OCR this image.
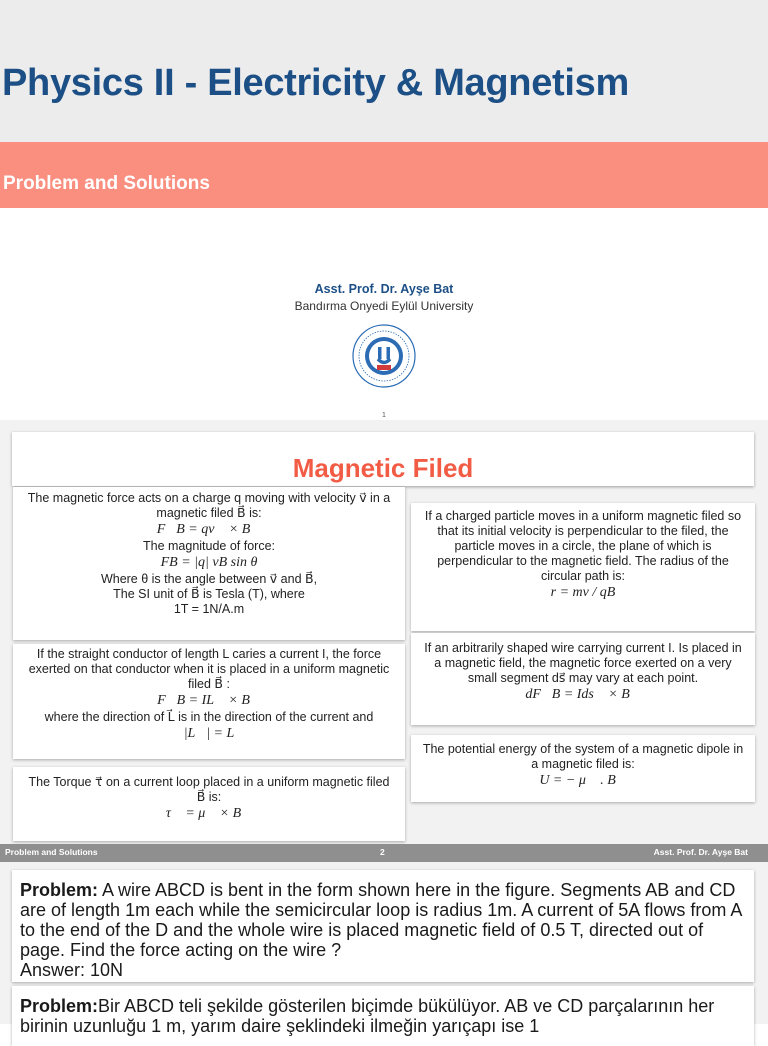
Physics II - Electricity & Magnetism
Problem and Solutions
Asst. Prof. Dr. Ayşe Bat
Bandırma Onyedi Eylül University
1
Magnetic Filed
The magnetic force acts on a charge q moving with velocity v⃗ in a
magnetic filed B⃗ is:
F⃗B = qv⃗ × B⃗
The magnitude of force:
FB = |q| vB sin θ
Where θ is the angle between v⃗ and B⃗,
The SI unit of B⃗ is Tesla (T), where
1T = 1N/A.m
If the straight conductor of length L caries a current I, the force
exerted on that conductor when it is placed in a uniform magnetic
filed B⃗ :
F⃗B = IL⃗ × B⃗
where the direction of L⃗ is in the direction of the current and
|L⃗| = L
The Torque τ⃗ on a current loop placed in a uniform magnetic filed
B⃗ is:
τ⃗ = μ⃗ × B⃗
If a charged particle moves in a uniform magnetic filed so
that its initial velocity is perpendicular to the filed, the
particle moves in a circle, the plane of which is
perpendicular to the magnetic field. The radius of the
circular path is:
r = mv / qB
If an arbitrarily shaped wire carrying current I. Is placed in
a magnetic field, the magnetic force exerted on a very
small segment ds⃗ may vary at each point.
dF⃗B = Ids⃗ × B⃗
The potential energy of the system of a magnetic dipole in
a magnetic filed is:
U = − μ⃗ . B⃗
Problem and Solutions	2	Asst. Prof. Dr. Ayşe Bat
Problem: A wire ABCD is bent in the form shown here in the figure. Segments AB and CD are of length 1m each while the semicircular loop is radius 1m. A current of 5A flows from A to the end of the D and the whole wire is placed magnetic field of 0.5 T, directed out of page. Find the force acting on the wire ?
Answer: 10N
Problem:Bir ABCD teli şekilde gösterilen biçimde bükülüyor. AB ve CD parçalarının her birinin uzunluğu 1 m, yarım daire şeklindeki ilmeğin yarıçapı ise 1
